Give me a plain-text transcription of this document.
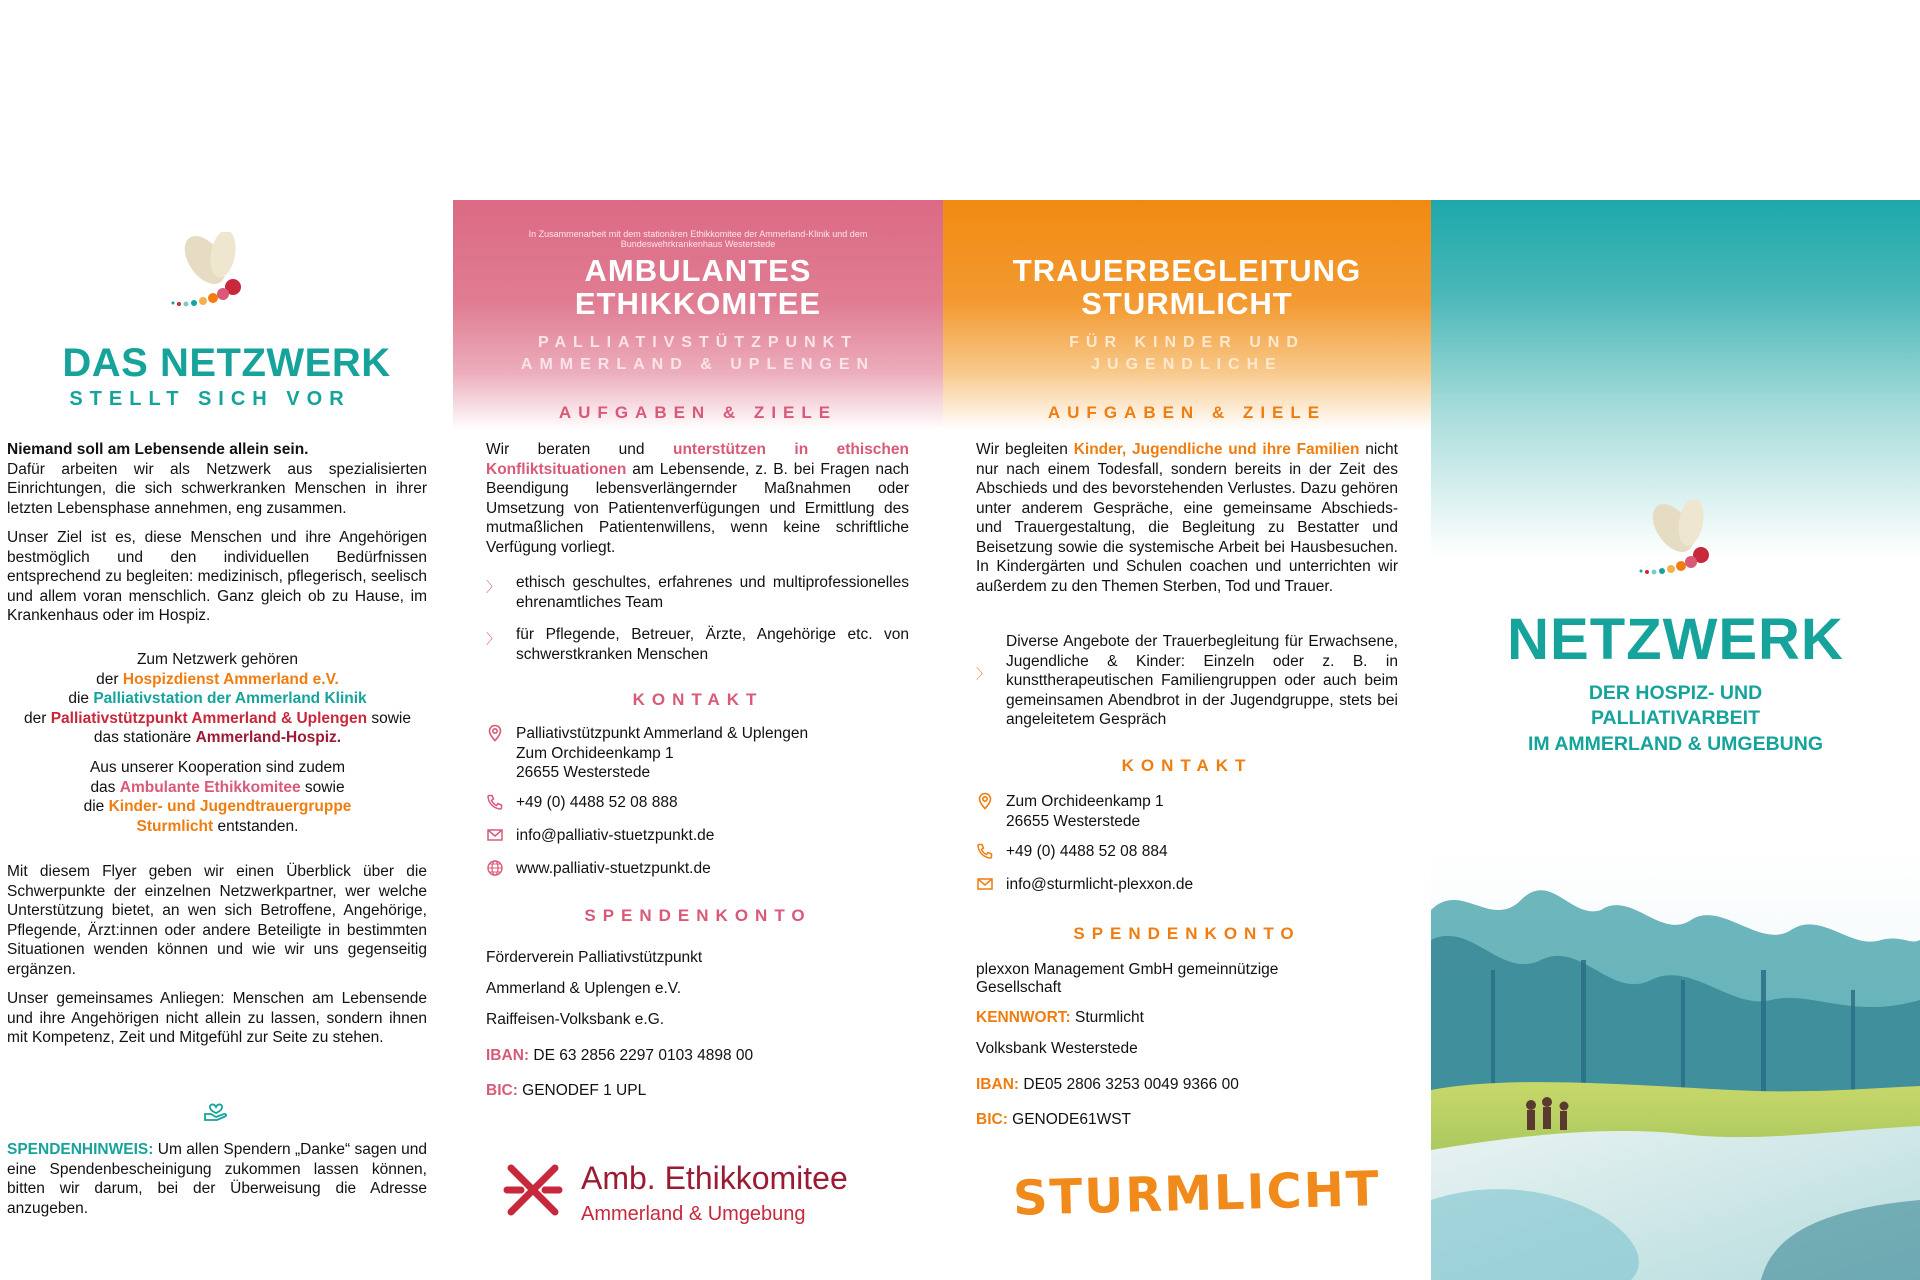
DAS NETZWERK
STELLT SICH VOR
Niemand soll am Lebensende allein sein.
Dafür arbeiten wir als Netzwerk aus spezialisierten Einrichtungen, die sich schwerkranken Menschen in ihrer letzten Lebensphase annehmen, eng zusammen.
Unser Ziel ist es, diese Menschen und ihre Angehörigen bestmöglich und den individuellen Bedürfnissen entsprechend zu begleiten: medizinisch, pflegerisch, seelisch und allem voran menschlich. Ganz gleich ob zu Hause, im Krankenhaus oder im Hospiz.
Zum Netzwerk gehören
der Hospizdienst Ammerland e.V.
die Palliativstation der Ammerland Klinik
der Palliativstützpunkt Ammerland & Uplengen sowie
das stationäre Ammerland-Hospiz.
Aus unserer Kooperation sind zudem
das Ambulante Ethikkomitee sowie
die Kinder- und Jugendtrauergruppe
Sturmlicht entstanden.
Mit diesem Flyer geben wir einen Überblick über die Schwerpunkte der einzelnen Netzwerkpartner, wer welche Unterstützung bietet, an wen sich Betroffene, Angehörige, Pflegende, Ärzt:innen oder andere Beteiligte in bestimmten Situationen wenden können und wie wir uns gegenseitig ergänzen.
Unser gemeinsames Anliegen: Menschen am Lebensende und ihre Angehörigen nicht allein zu lassen, sondern ihnen mit Kompetenz, Zeit und Mitgefühl zur Seite zu stehen.
SPENDENHINWEIS: Um allen Spendern „Danke“ sagen und eine Spendenbescheinigung zukommen lassen können, bitten wir darum, bei der Überweisung die Adresse anzugeben.
In Zusammenarbeit mit dem stationären Ethikkomitee der Ammerland-Klinik und dem Bundeswehrkrankenhaus Westerstede
AMBULANTES
ETHIKKOMITEE
PALLIATIVSTÜTZPUNKT
AMMERLAND & UPLENGEN
AUFGABEN & ZIELE
Wir beraten und unterstützen in ethischen Konfliktsituationen am Lebensende, z. B. bei Fragen nach Beendigung lebensverlängernder Maßnahmen oder Umsetzung von Patientenverfügungen und Ermittlung des mutmaßlichen Patientenwillens, wenn keine schriftliche Verfügung vorliegt.
〉	ethisch geschultes, erfahrenes und multiprofessionelles ehrenamtliches Team
〉	für Pflegende, Betreuer, Ärzte, Angehörige etc. von schwerstkranken Menschen
KONTAKT
Palliativstützpunkt Ammerland & Uplengen
Zum Orchideenkamp 1
26655 Westerstede
+49 (0) 4488 52 08 888
info@palliativ-stuetzpunkt.de
www.palliativ-stuetzpunkt.de
SPENDENKONTO
Förderverein Palliativstützpunkt
Ammerland & Uplengen e.V.
Raiffeisen-Volksbank e.G.
IBAN: DE 63 2856 2297 0103 4898 00
BIC: GENODEF 1 UPL
Amb. Ethikkomitee
Ammerland & Umgebung
TRAUERBEGLEITUNG
STURMLICHT
FÜR KINDER UND
JUGENDLICHE
AUFGABEN & ZIELE
Wir begleiten Kinder, Jugendliche und ihre Familien nicht nur nach einem Todesfall, sondern bereits in der Zeit des Abschieds und des bevorstehenden Verlustes. Dazu gehören unter anderem Gespräche, eine gemeinsame Abschieds- und Trauergestaltung, die Begleitung zu Bestatter und Beisetzung sowie die systemische Arbeit bei Hausbesuchen. In Kindergärten und Schulen coachen und unterrichten wir außerdem zu den Themen Sterben, Tod und Trauer.
〉
Diverse Angebote der Trauerbegleitung für Erwachsene, Jugendliche & Kinder: Einzeln oder z. B. in kunsttherapeutischen Familiengruppen oder auch beim gemeinsamen Abendbrot in der Jugendgruppe, stets bei angeleitetem Gespräch
KONTAKT
Zum Orchideenkamp 1
26655 Westerstede
+49 (0) 4488 52 08 884
info@sturmlicht-plexxon.de
SPENDENKONTO
plexxon Management GmbH gemeinnützige
Gesellschaft
KENNWORT: Sturmlicht
Volksbank Westerstede
IBAN: DE05 2806 3253 0049 9366 00
BIC: GENODE61WST
STURMLICHT
NETZWERK
DER HOSPIZ- UND
PALLIATIVARBEIT
IM AMMERLAND & UMGEBUNG
